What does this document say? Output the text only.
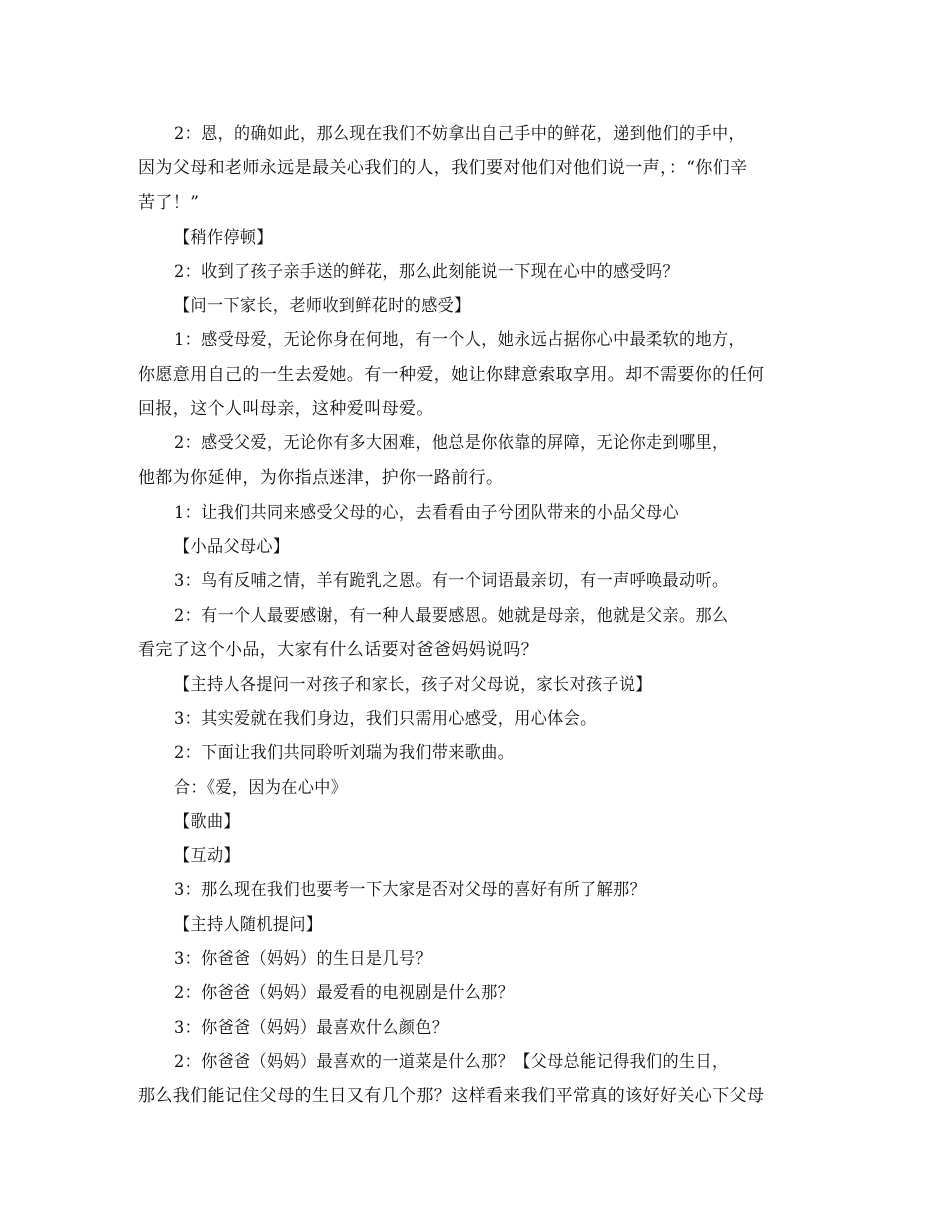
2：恩，的确如此，那么现在我们不妨拿出自己手中的鲜花，递到他们的手中，
因为父母和老师永远是最关心我们的人，我们要对他们对他们说一声，：“你们辛
苦了！”
【稍作停顿】
2：收到了孩子亲手送的鲜花，那么此刻能说一下现在心中的感受吗？
【问一下家长，老师收到鲜花时的感受】
1：感受母爱，无论你身在何地，有一个人，她永远占据你心中最柔软的地方，
你愿意用自己的一生去爱她。有一种爱，她让你肆意索取享用。却不需要你的任何
回报，这个人叫母亲，这种爱叫母爱。
2：感受父爱，无论你有多大困难，他总是你依靠的屏障，无论你走到哪里，
他都为你延伸，为你指点迷津，护你一路前行。
1：让我们共同来感受父母的心，去看看由子兮团队带来的小品父母心
【小品父母心】
3：鸟有反哺之情，羊有跪乳之恩。有一个词语最亲切，有一声呼唤最动听。
2：有一个人最要感谢，有一种人最要感恩。她就是母亲，他就是父亲。那么
看完了这个小品，大家有什么话要对爸爸妈妈说吗？
【主持人各提问一对孩子和家长，孩子对父母说，家长对孩子说】
3：其实爱就在我们身边，我们只需用心感受，用心体会。
2：下面让我们共同聆听刘瑞为我们带来歌曲。
合：《爱，因为在心中》
【歌曲】
【互动】
3：那么现在我们也要考一下大家是否对父母的喜好有所了解那？
【主持人随机提问】
3：你爸爸（妈妈）的生日是几号？
2：你爸爸（妈妈）最爱看的电视剧是什么那？
3：你爸爸（妈妈）最喜欢什么颜色？
2：你爸爸（妈妈）最喜欢的一道菜是什么那？【父母总能记得我们的生日，
那么我们能记住父母的生日又有几个那？这样看来我们平常真的该好好关心下父母
